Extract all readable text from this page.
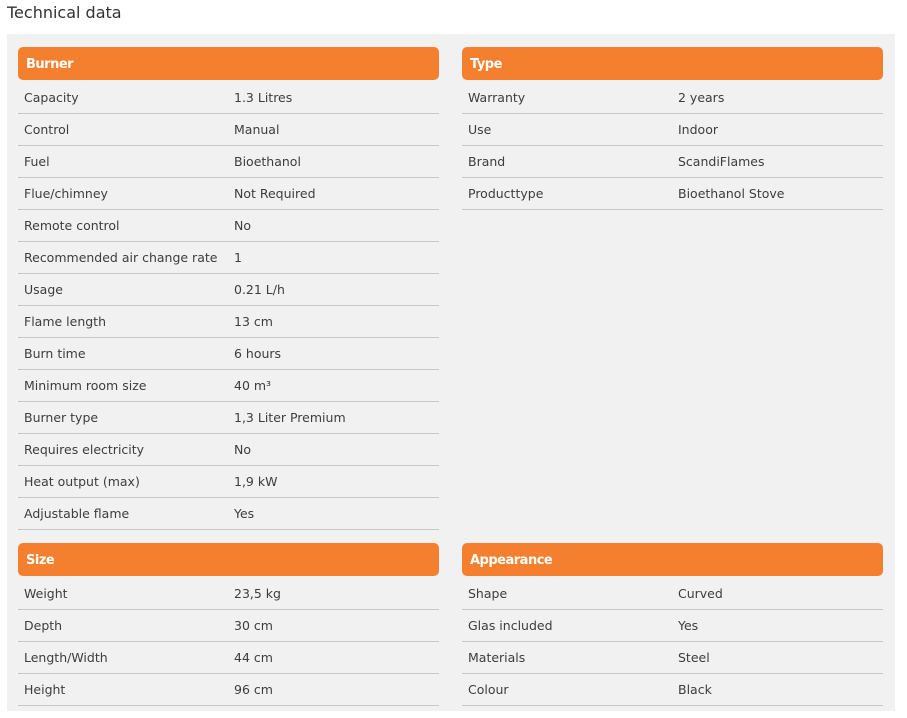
Technical data
Burner
Capacity	1.3 Litres
Control	Manual
Fuel	Bioethanol
Flue/chimney	Not Required
Remote control	No
Recommended air change rate 1
Usage	0.21 L/h
Flame length	13 cm
Burn time	6 hours
Minimum room size	40 m³
Burner type	1,3 Liter Premium
Requires electricity	No
Heat output (max)	1,9 kW
Adjustable flame	Yes
Type
Warranty	2 years
Use	Indoor
Brand	ScandiFlames
Producttype	Bioethanol Stove
Size
Weight	23,5 kg
Depth	30 cm
Length/Width	44 cm
Height	96 cm
Appearance
Shape	Curved
Glas included	Yes
Materials	Steel
Colour	Black
